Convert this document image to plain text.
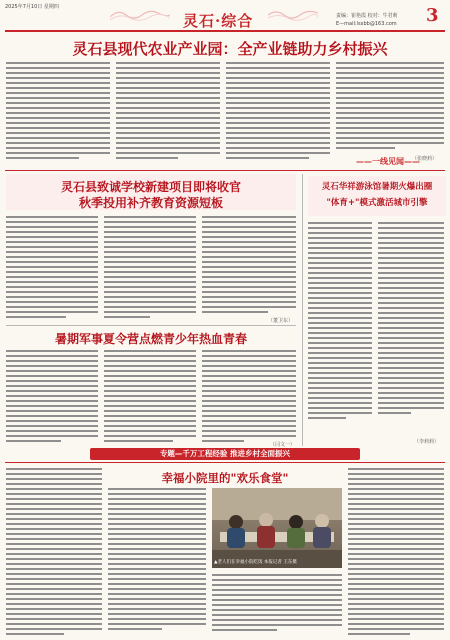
2025年7月10日 星期四
灵石·综合	责编：崔艳霞 校对：牛君莉
E—mail:lsxbb@163.com 3
灵石县现代农业产业园：全产业链助力乡村振兴
（张晓莉）
——一线见闻——
灵石县致诚学校新建项目即将收官
秋季投用补齐教育资源短板
（董卫东）
暑期军事夏令营点燃青少年热血青春
（闫文一）
灵石华祥游泳馆暑期火爆出圈
"体育+"模式激活城市引擎
（李莉莉）
专题—千万工程经验 推进乡村全面振兴
幸福小院里的"欢乐食堂"
▲老人们在幸福小院吃饭 本报记者 王东摄
